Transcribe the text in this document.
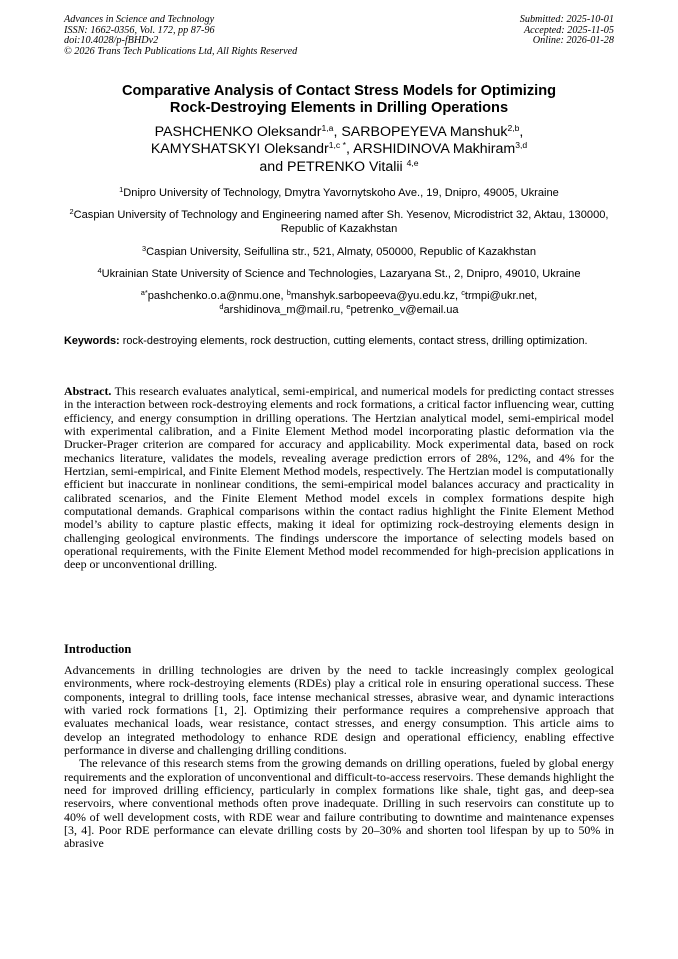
Advances in Science and Technology
ISSN: 1662-0356, Vol. 172, pp 87-96
doi:10.4028/p-fBHDv2
© 2026 Trans Tech Publications Ltd, All Rights Reserved
Submitted: 2025-10-01
Accepted: 2025-11-05
Online: 2026-01-28
Comparative Analysis of Contact Stress Models for Optimizing
Rock-Destroying Elements in Drilling Operations
PASHCHENKO Oleksandr$^{1,a}$, SARBOPEYEVA Manshuk$^{2,b}$,
KAMYSHATSKYI Oleksandr$^{1,c *}$, ARSHIDINOVA Makhiram$^{3,d}$
and PETRENKO Vitalii $^{4,e}$

$^1$Dnipro University of Technology, Dmytra Yavornytskoho Ave., 19, Dnipro, 49005, Ukraine

$^2$Caspian University of Technology and Engineering named after Sh. Yesenov, Microdistrict 32, Aktau, 130000, Republic of Kazakhstan

$^3$Caspian University, Seifullina str., 521, Almaty, 050000, Republic of Kazakhstan

$^4$Ukrainian State University of Science and Technologies, Lazaryana St., 2, Dnipro, 49010, Ukraine

$^{a*}$pashchenko.o.a@nmu.one, $^b$manshyk.sarbopeeva@yu.edu.kz, $^c$trmpi@ukr.net,
$^d$arshidinova_m@mail.ru, $^e$petrenko_v@email.ua

Keywords: rock-destroying elements, rock destruction, cutting elements, contact stress, drilling optimization.
Abstract. This research evaluates analytical, semi-empirical, and numerical models for predicting contact stresses in the interaction between rock-destroying elements and rock formations, a critical factor influencing wear, cutting efficiency, and energy consumption in drilling operations. The Hertzian analytical model, semi-empirical model with experimental calibration, and a Finite Element Method model incorporating plastic deformation via the Drucker-Prager criterion are compared for accuracy and applicability. Mock experimental data, based on rock mechanics literature, validates the models, revealing average prediction errors of 28%, 12%, and 4% for the Hertzian, semi-empirical, and Finite Element Method models, respectively. The Hertzian model is computationally efficient but inaccurate in nonlinear conditions, the semi-empirical model balances accuracy and practicality in calibrated scenarios, and the Finite Element Method model excels in complex formations despite high computational demands. Graphical comparisons within the contact radius highlight the Finite Element Method model’s ability to capture plastic effects, making it ideal for optimizing rock-destroying elements design in challenging geological environments. The findings underscore the importance of selecting models based on operational requirements, with the Finite Element Method model recommended for high-precision applications in deep or unconventional drilling.
Introduction

Advancements in drilling technologies are driven by the need to tackle increasingly complex geological environments, where rock-destroying elements (RDEs) play a critical role in ensuring operational success. These components, integral to drilling tools, face intense mechanical stresses, abrasive wear, and dynamic interactions with varied rock formations [1, 2]. Optimizing their performance requires a comprehensive approach that evaluates mechanical loads, wear resistance, contact stresses, and energy consumption. This article aims to develop an integrated methodology to enhance RDE design and operational efficiency, enabling effective performance in diverse and challenging drilling conditions.

The relevance of this research stems from the growing demands on drilling operations, fueled by global energy requirements and the exploration of unconventional and difficult-to-access reservoirs. These demands highlight the need for improved drilling efficiency, particularly in complex formations like shale, tight gas, and deep-sea reservoirs, where conventional methods often prove inadequate. Drilling in such reservoirs can constitute up to 40% of well development costs, with RDE wear and failure contributing to downtime and maintenance expenses [3, 4]. Poor RDE performance can elevate drilling costs by 20–30% and shorten tool lifespan by up to 50% in abrasive
